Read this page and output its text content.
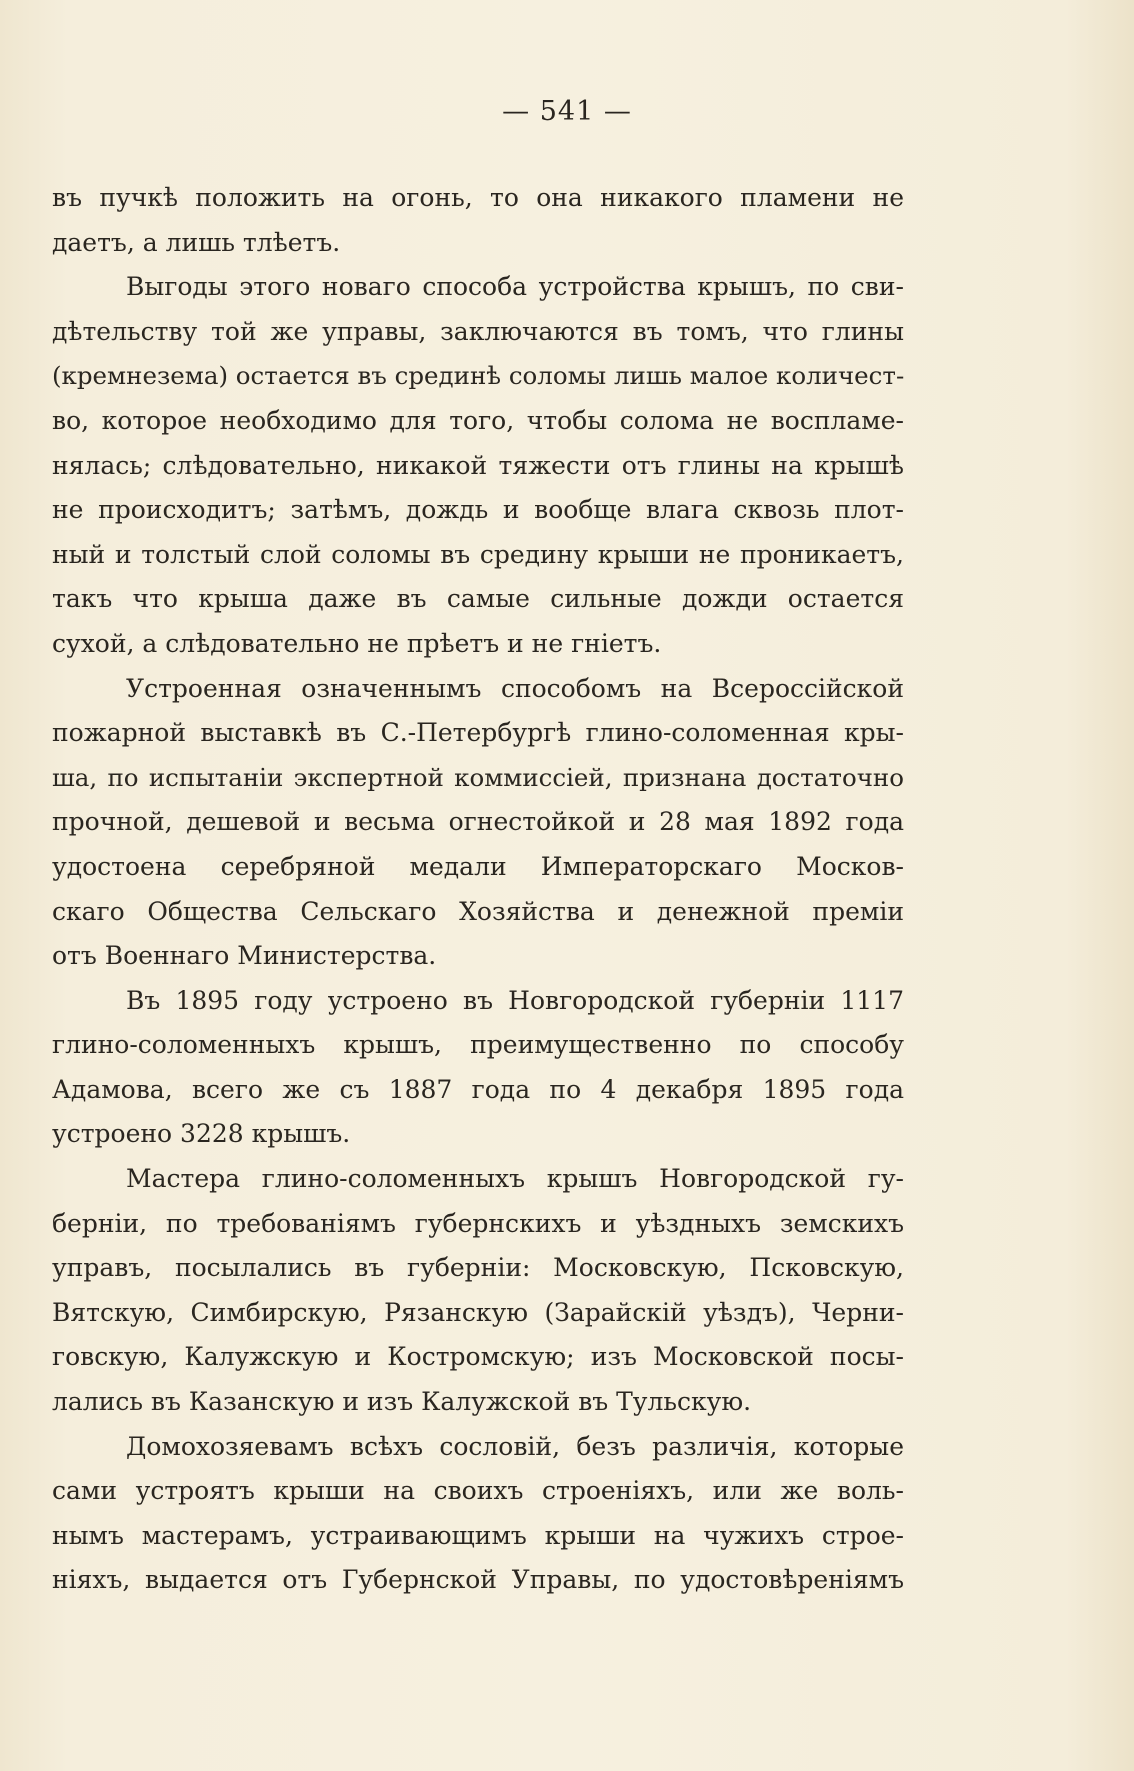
— 541 —
въ пучкѣ положить на огонь, то она никакого пламени не
даетъ, а лишь тлѣетъ.
Выгоды этого новаго способа устройства крышъ, по сви-
дѣтельству той же управы, заключаются въ томъ, что глины
(кремнезема) остается въ срединѣ соломы лишь малое количест-
во, которое необходимо для того, чтобы солома не воспламе-
нялась; слѣдовательно, никакой тяжести отъ глины на крышѣ
не происходитъ; затѣмъ, дождь и вообще влага сквозь плот-
ный и толстый слой соломы въ средину крыши не проникаетъ,
такъ что крыша даже въ самые сильные дожди остается
сухой, а слѣдовательно не прѣетъ и не гніетъ.
Устроенная означеннымъ способомъ на Всероссійской
пожарной выставкѣ въ С.-Петербургѣ глино-соломенная кры-
ша, по испытаніи экспертной коммиссіей, признана достаточно
прочной, дешевой и весьма огнестойкой и 28 мая 1892 года
удостоена серебряной медали Императорскаго Москов-
скаго Общества Сельскаго Хозяйства и денежной преміи
отъ Военнаго Министерства.
Въ 1895 году устроено въ Новгородской губерніи 1117
глино-соломенныхъ крышъ, преимущественно по способу
Адамова, всего же съ 1887 года по 4 декабря 1895 года
устроено 3228 крышъ.
Мастера глино-соломенныхъ крышъ Новгородской гу-
берніи, по требованіямъ губернскихъ и уѣздныхъ земскихъ
управъ, посылались въ губерніи: Московскую, Псковскую,
Вятскую, Симбирскую, Рязанскую (Зарайскій уѣздъ), Черни-
говскую, Калужскую и Костромскую; изъ Московской посы-
лались въ Казанскую и изъ Калужской въ Тульскую.
Домохозяевамъ всѣхъ сословій, безъ различія, которые
сами устроятъ крыши на своихъ строеніяхъ, или же воль-
нымъ мастерамъ, устраивающимъ крыши на чужихъ строе-
ніяхъ, выдается отъ Губернской Управы, по удостовѣреніямъ
